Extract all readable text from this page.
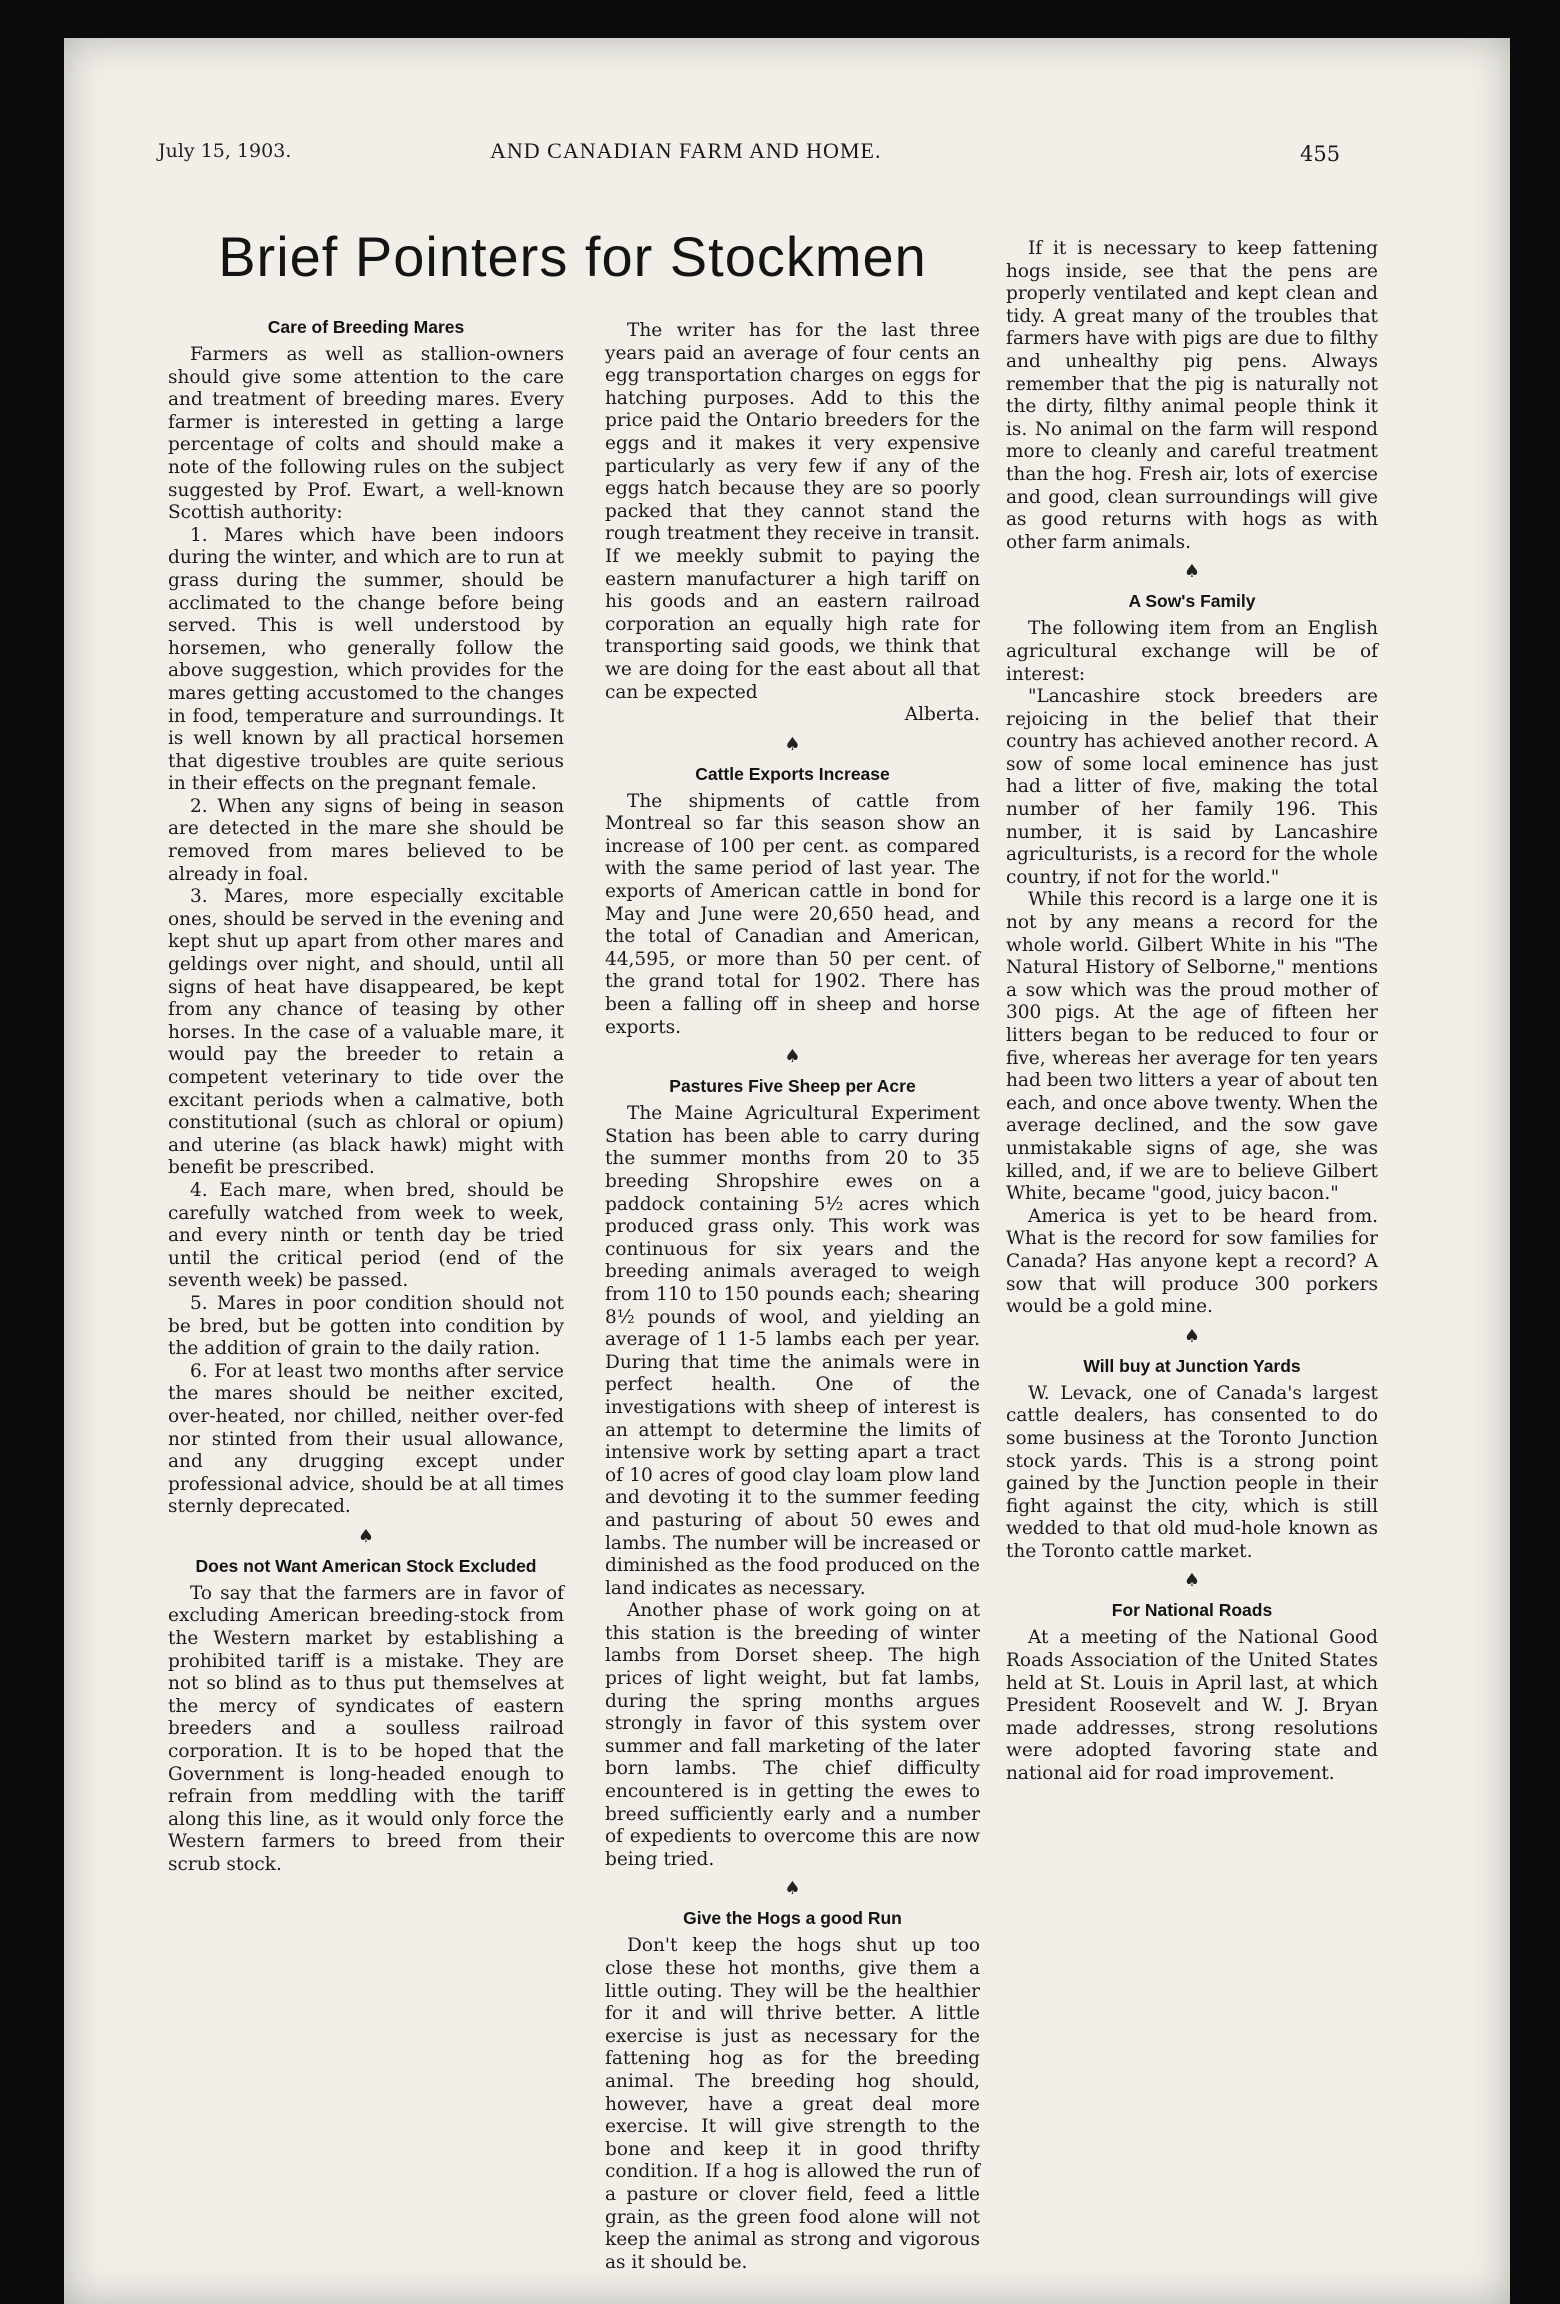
July 15, 1903.	AND CANADIAN FARM AND HOME.	455
Brief Pointers for Stockmen
Care of Breeding Mares

Farmers as well as stallion-owners should give some attention to the care and treatment of breeding mares. Every farmer is interested in getting a large percentage of colts and should make a note of the following rules on the subject suggested by Prof. Ewart, a well-known Scottish authority:

1. Mares which have been indoors during the winter, and which are to run at grass during the summer, should be acclimated to the change before being served. This is well understood by horsemen, who generally follow the above suggestion, which provides for the mares getting accustomed to the changes in food, temperature and surroundings. It is well known by all practical horsemen that digestive troubles are quite serious in their effects on the pregnant female.

2. When any signs of being in season are detected in the mare she should be removed from mares believed to be already in foal.

3. Mares, more especially excitable ones, should be served in the evening and kept shut up apart from other mares and geldings over night, and should, until all signs of heat have disappeared, be kept from any chance of teasing by other horses. In the case of a valuable mare, it would pay the breeder to retain a competent veterinary to tide over the excitant periods when a calmative, both constitutional (such as chloral or opium) and uterine (as black hawk) might with benefit be prescribed.

4. Each mare, when bred, should be carefully watched from week to week, and every ninth or tenth day be tried until the critical period (end of the seventh week) be passed.

5. Mares in poor condition should not be bred, but be gotten into condition by the addition of grain to the daily ration.

6. For at least two months after service the mares should be neither excited, over-heated, nor chilled, neither over-fed nor stinted from their usual allowance, and any drugging except under professional advice, should be at all times sternly deprecated.

♠
Does not Want American Stock Excluded

To say that the farmers are in favor of excluding American breeding-stock from the Western market by establishing a prohibited tariff is a mistake. They are not so blind as to thus put themselves at the mercy of syndicates of eastern breeders and a soulless railroad corporation. It is to be hoped that the Government is long-headed enough to refrain from meddling with the tariff along this line, as it would only force the Western farmers to breed from their scrub stock.

The writer has for the last three years paid an average of four cents an egg transportation charges on eggs for hatching purposes. Add to this the price paid the Ontario breeders for the eggs and it makes it very expensive particularly as very few if any of the eggs hatch because they are so poorly packed that they cannot stand the rough treatment they receive in transit. If we meekly submit to paying the eastern manufacturer a high tariff on his goods and an eastern railroad corporation an equally high rate for transporting said goods, we think that we are doing for the east about all that can be expected

Alberta.

♠
Cattle Exports Increase

The shipments of cattle from Montreal so far this season show an increase of 100 per cent. as compared with the same period of last year. The exports of American cattle in bond for May and June were 20,650 head, and the total of Canadian and American, 44,595, or more than 50 per cent. of the grand total for 1902. There has been a falling off in sheep and horse exports.

♠
Pastures Five Sheep per Acre

The Maine Agricultural Experiment Station has been able to carry during the summer months from 20 to 35 breeding Shropshire ewes on a paddock containing 5½ acres which produced grass only. This work was continuous for six years and the breeding animals averaged to weigh from 110 to 150 pounds each; shearing 8½ pounds of wool, and yielding an average of 1 1-5 lambs each per year. During that time the animals were in perfect health. One of the investigations with sheep of interest is an attempt to determine the limits of intensive work by setting apart a tract of 10 acres of good clay loam plow land and devoting it to the summer feeding and pasturing of about 50 ewes and lambs. The number will be increased or diminished as the food produced on the land indicates as necessary.

Another phase of work going on at this station is the breeding of winter lambs from Dorset sheep. The high prices of light weight, but fat lambs, during the spring months argues strongly in favor of this system over summer and fall marketing of the later born lambs. The chief difficulty encountered is in getting the ewes to breed sufficiently early and a number of expedients to overcome this are now being tried.

♠
Give the Hogs a good Run

Don't keep the hogs shut up too close these hot months, give them a little outing. They will be the healthier for it and will thrive better. A little exercise is just as necessary for the fattening hog as for the breeding animal. The breeding hog should, however, have a great deal more exercise. It will give strength to the bone and keep it in good thrifty condition. If a hog is allowed the run of a pasture or clover field, feed a little grain, as the green food alone will not keep the animal as strong and vigorous as it should be.

If it is necessary to keep fattening hogs inside, see that the pens are properly ventilated and kept clean and tidy. A great many of the troubles that farmers have with pigs are due to filthy and unhealthy pig pens. Always remember that the pig is naturally not the dirty, filthy animal people think it is. No animal on the farm will respond more to cleanly and careful treatment than the hog. Fresh air, lots of exercise and good, clean surroundings will give as good returns with hogs as with other farm animals.

♠
A Sow's Family

The following item from an English agricultural exchange will be of interest:

"Lancashire stock breeders are rejoicing in the belief that their country has achieved another record. A sow of some local eminence has just had a litter of five, making the total number of her family 196. This number, it is said by Lancashire agriculturists, is a record for the whole country, if not for the world."

While this record is a large one it is not by any means a record for the whole world. Gilbert White in his "The Natural History of Selborne," mentions a sow which was the proud mother of 300 pigs. At the age of fifteen her litters began to be reduced to four or five, whereas her average for ten years had been two litters a year of about ten each, and once above twenty. When the average declined, and the sow gave unmistakable signs of age, she was killed, and, if we are to believe Gilbert White, became "good, juicy bacon."

America is yet to be heard from. What is the record for sow families for Canada? Has anyone kept a record? A sow that will produce 300 porkers would be a gold mine.

♠
Will buy at Junction Yards

W. Levack, one of Canada's largest cattle dealers, has consented to do some business at the Toronto Junction stock yards. This is a strong point gained by the Junction people in their fight against the city, which is still wedded to that old mud-hole known as the Toronto cattle market.

♠
For National Roads

At a meeting of the National Good Roads Association of the United States held at St. Louis in April last, at which President Roosevelt and W. J. Bryan made addresses, strong resolutions were adopted favoring state and national aid for road improvement.
